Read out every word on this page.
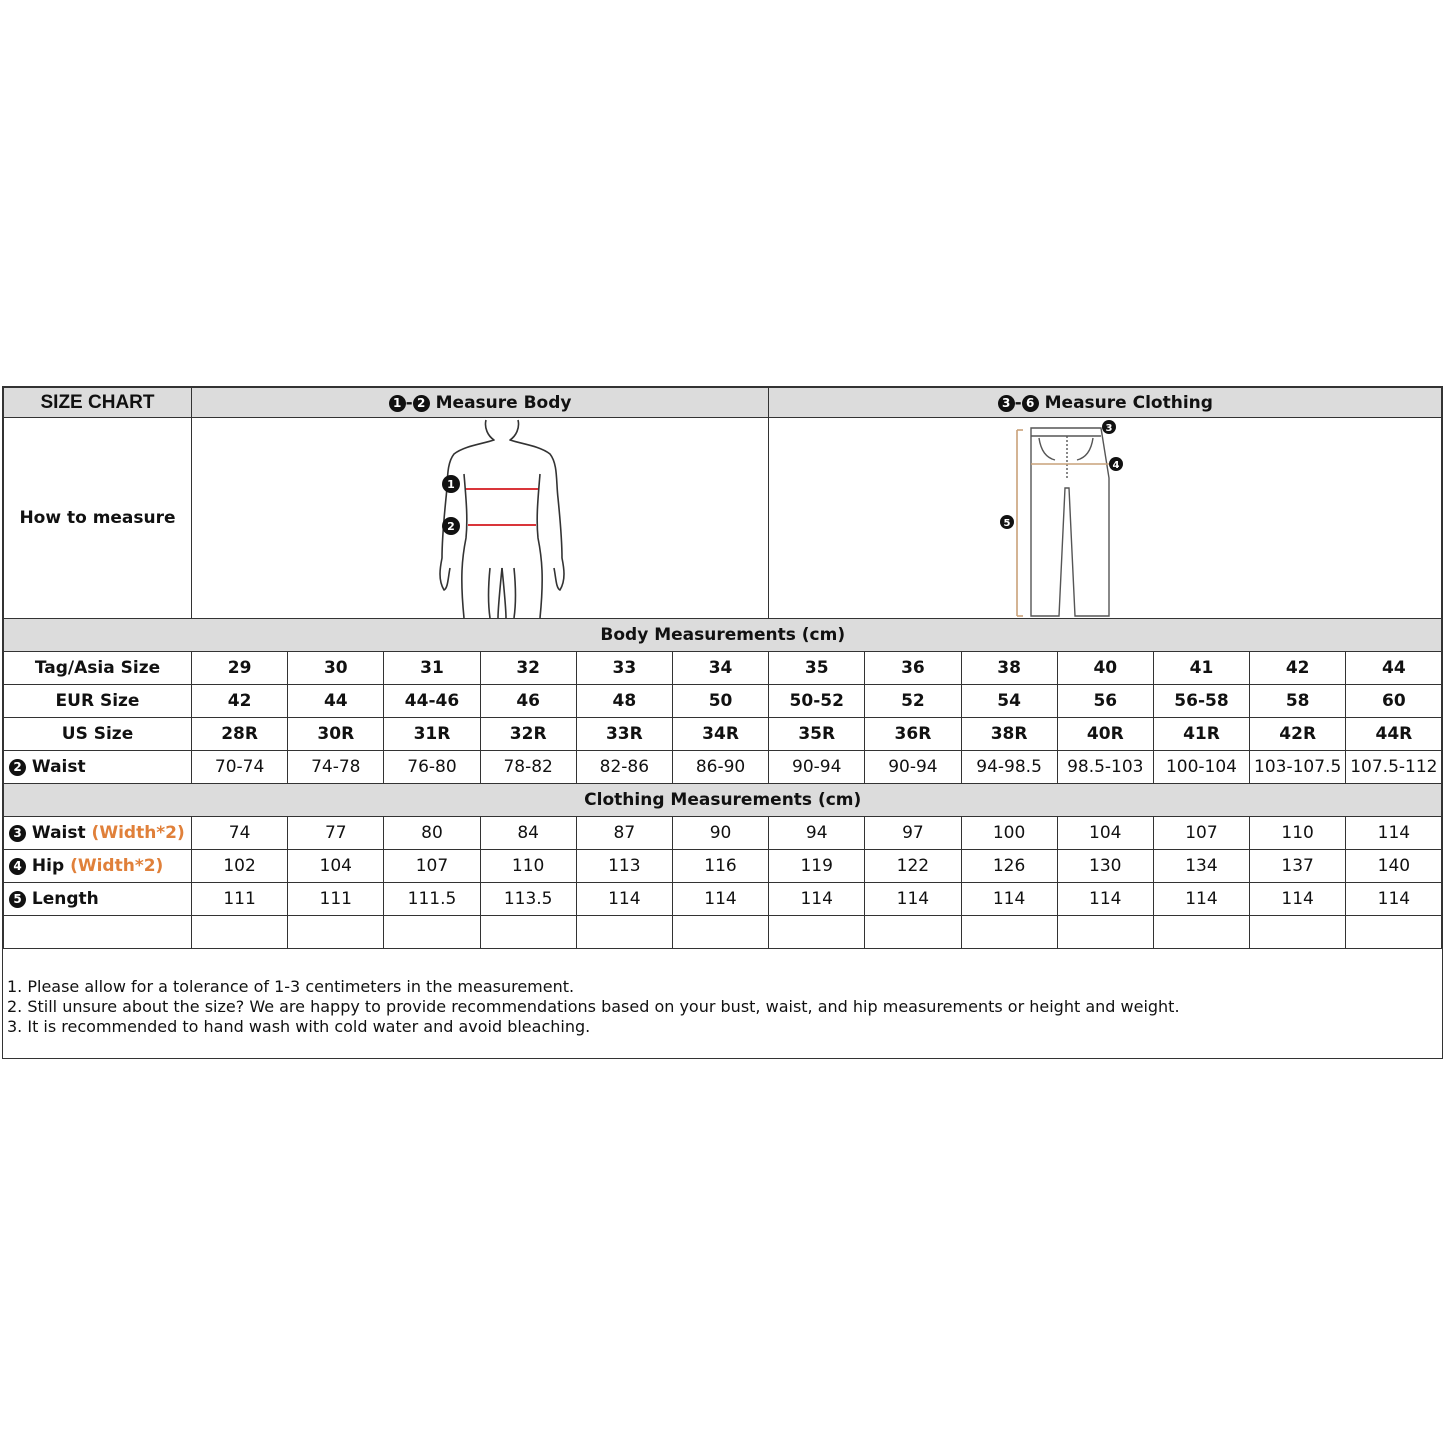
SIZE CHART	1 - 2 Measure Body						3 - 6 Measure Clothing						
How to measure	1
2						3
4
5						

Body Measurements (cm)													
Tag/Asia Size	29	30	31	32	33	34	35	36	38	40	41	42	44
EUR Size	42	44	44-46	46	48	50	50-52	52	54	56	56-58	58	60
US Size	28R	30R	31R	32R	33R	34R	35R	36R	38R	40R	41R	42R	44R
2 Waist	70-74	74-78	76-80	78-82	82-86	86-90	90-94	90-94	94-98.5	98.5-103	100-104	103-107.5	107.5-112
Clothing Measurements (cm)													
3 Waist (Width*2)	74	77	80	84	87	90	94	97	100	104	107	110	114
4 Hip (Width*2)	102	104	107	110	113	116	119	122	126	130	134	137	140
5 Length	111	111	111.5	113.5	114	114	114	114	114	114	114	114	114

1. Please allow for a tolerance of 1-3 centimeters in the measurement.
2. Still unsure about the size? We are happy to provide recommendations based on your bust, waist, and hip measurements or height and weight.
3. It is recommended to hand wash with cold water and avoid bleaching.
